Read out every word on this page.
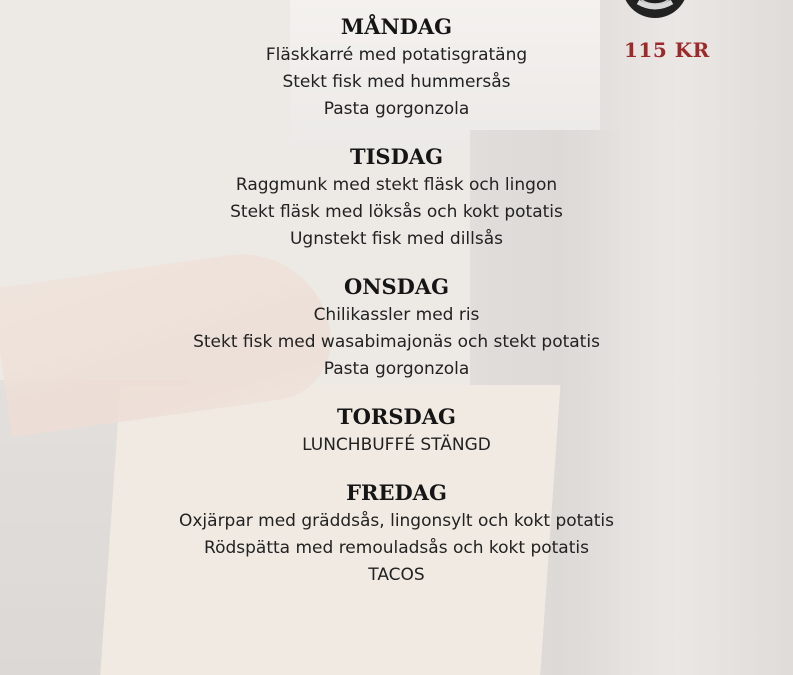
115 KR
MÅNDAG
Fläskkarré med potatisgratäng
Stekt fisk med hummersås
Pasta gorgonzola
TISDAG
Raggmunk med stekt fläsk och lingon
Stekt fläsk med löksås och kokt potatis
Ugnstekt fisk med dillsås
ONSDAG
Chilikassler med ris
Stekt fisk med wasabimajonäs och stekt potatis
Pasta gorgonzola
TORSDAG
LUNCHBUFFÉ STÄNGD
FREDAG
Oxjärpar med gräddsås, lingonsylt och kokt potatis
Rödspätta med remouladsås och kokt potatis
TACOS
